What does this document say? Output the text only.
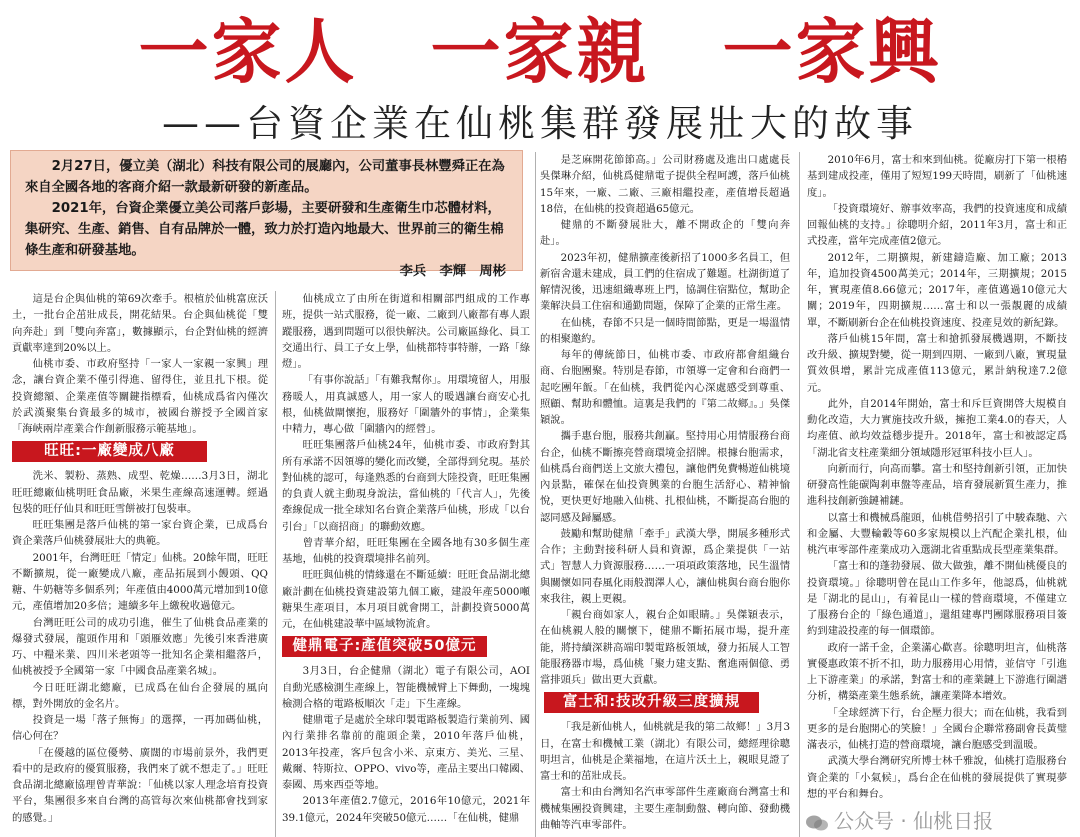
一家人　一家親　一家興
——台資企業在仙桃集群發展壯大的故事

2月27日，優立美（湖北）科技有限公司的展廳內，公司董事長林豐舜正在為來自全國各地的客商介紹一款最新研發的新產品。

2021年，台資企業優立美公司落戶彭場，主要研發和生產衛生巾芯體材料，集研究、生產、銷售、自有品牌於一體，致力於打造內地最大、世界前三的衛生棉條生產和研發基地。

李兵　李輝　周彬

這是台企與仙桃的第69次牽手。根植於仙桃富庶沃土，一批台企茁壯成長，開花結果。台企與仙桃從「雙向奔赴」到「雙向奔富」，數據顯示，台企對仙桃的經濟貢獻率達到20%以上。

仙桃市委、市政府堅持「一家人一家親一家興」理念，讓台資企業不僅引得進、留得住，並且扎下根。從投資總額、企業產值等關鍵指標看，仙桃成爲省內僅次於武漢聚集台資最多的城市，被國台辦授予全國首家「海峽兩岸產業合作創新服務示範基地」。

旺旺:一廠變成八廠

洗米、製粉、蒸熟、成型、乾燥……3月3日，湖北旺旺總廠仙桃明旺食品廠，米果生產線高速運轉。經過包裝的旺仔仙貝和旺旺雪餅被打包裝車。

旺旺集團是落戶仙桃的第一家台資企業，已成爲台資企業落戶仙桃發展壯大的典範。

2001年，台灣旺旺「情定」仙桃。20餘年間，旺旺不斷擴規，從一廠變成八廠，產品拓展到小饅頭、QQ糖、牛奶糖等多個系列；年產值由4000萬元增加到10億元，產值增加20多倍；連續多年上繳稅收過億元。

台灣旺旺公司的成功引進，催生了仙桃食品產業的爆發式發展，龍頭作用和「頭雁效應」先後引來香港廣巧、中糧米業、四川米老頭等一批知名企業相繼落戶，仙桃被授予全國第一家「中國食品產業名城」。

今日旺旺湖北總廠，已成爲在仙台企發展的風向標，對外開放的金名片。

投資是一場「落子無悔」的選擇，一再加碼仙桃，信心何在？

「在優越的區位優勢、廣闊的市場前景外，我們更看中的是政府的優質服務，我們來了就不想走了。」旺旺食品湖北總廠協理曾青華說：「仙桃以家人理念培育投資平台，集團很多來自台灣的高管每次來仙桃都會找到家的感覺。」

仙桃成立了由所在街道和相關部門組成的工作專班，提供一站式服務，從一廠、二廠到八廠都有專人跟蹤服務，遇到問題可以很快解決。公司廠區綠化、員工交通出行、員工子女上學，仙桃都特事特辦，一路「綠燈」。

「有事你說話」「有難我幫你」。用環境留人，用服務暖人，用真誠感人，用一家人的暖遇讓台商安心扎根，仙桃做閘懷抱，服務好「圍牆外的事情」，企業集中精力，專心做「圍牆內的經營」。

旺旺集團落戶仙桃24年，仙桃市委、市政府對其所有承諾不因領導的變化而改變，全部得到兌現。基於對仙桃的認可，每逢熟悉的台商到大陸投資，旺旺集團的負責人就主動現身說法，當仙桃的「代言人」，先後牽線促成一批全球知名台資企業落戶仙桃，形成「以台引台」「以商招商」的聯動效應。

曾青華介紹，旺旺集團在全國各地有30多個生產基地，仙桃的投資環境排名前列。

旺旺與仙桃的情緣還在不斷延續：旺旺食品湖北總廠計劃在仙桃投資建設第九個工廠，建設年產5000噸糖果生產項目，本月項目就會開工，計劃投資5000萬元，在仙桃建設華中區域物流倉。

健鼎電子:產值突破50億元

3月3日，台企健鼎（湖北）電子有限公司，AOI自動光感檢測生產線上，智能機械臂上下舞動，一塊塊檢測合格的電路板順次「走」下生產線。

健鼎電子是處於全球印製電路板製造行業前列、國內行業排名靠前的龍頭企業，2010年落戶仙桃，2013年投產，客戶包含小米、京東方、美光、三星、戴爾、特斯拉、OPPO、vivo等，產品主要出口韓國、泰國、馬來西亞等地。

2013年產值2.7億元，2016年10億元，2021年39.1億元，2024年突破50億元……「在仙桃，健鼎

是芝麻開花節節高。」公司財務處及進出口處處長吳傑琳介紹，仙桃爲健鼎電子提供全程呵護，落戶仙桃15年來，一廠、二廠、三廠相繼投產，產值增長超過18倍，在仙桃的投資超過65億元。

健鼎的不斷發展壯大，離不開政企的「雙向奔赴」。

2023年初，健鼎擴產後新招了1000多名員工，但新宿舍還未建成，員工們的住宿成了難題。杜湖街道了解情況後，迅速組織專班上門，協調住宿點位，幫助企業解決員工住宿和通勤問題，保障了企業的正常生產。

在仙桃，春節不只是一個時間節點，更是一場溫情的相聚邀約。

每年的傳統節日，仙桃市委、市政府都會組織台商、台胞團聚。特別是春節，市領導一定會和台商們一起吃團年飯。「在仙桃，我們從內心深處感受到尊重、照顧、幫助和體恤。這裏是我們的『第二故鄉』。」吳傑穎說。

攜手惠台胞，服務共創贏。堅持用心用情服務台商台企，仙桃不斷擦亮營商環境金招牌。根據台胞需求，仙桃爲台商們送上文旅大禮包，讓他們免費暢遊仙桃境內景點，確保在仙投資興業的台胞生活舒心、精神愉悅，更快更好地融入仙桃、扎根仙桃，不斷提高台胞的認同感及歸屬感。

鼓勵和幫助健鼎「牽手」武漢大學，開展多種形式合作；主動對接科研人員和資源，爲企業提供「一站式」智慧人力資源服務……一項項政策落地，民生溫情與關懷如同春風化雨般潤澤人心，讓仙桃與台商台胞你來我往，親上更親。

「親台商如家人，親台企如眼睛。」吳傑穎表示，在仙桃親人般的關懷下，健鼎不斷拓展市場，提升產能，將持續深耕高端印製電路板領域，發力拓展人工智能服務器市場，爲仙桃「聚力建支點、奮進兩個億、勇當排頭兵」做出更大貢獻。

富士和:技改升級三度擴規

「我是新仙桃人，仙桃就是我的第二故鄉！」3月3日，在富士和機械工業（湖北）有限公司，總經理徐聰明坦言，仙桃是企業福地，在這片沃土上，親眼見證了富士和的茁壯成長。

富士和由台灣知名汽車零部件生產廠商台灣富士和機械集團投資興建，主要生產制動盤、轉向節、發動機曲軸等汽車零部件。

2010年6月，富士和來到仙桃。從廠房打下第一根樁基到建成投產，僅用了短短199天時間，刷新了「仙桃速度」。

「投資環境好、辦事效率高，我們的投資速度和成績回報仙桃的支持。」徐聰明介紹，2011年3月，富士和正式投產，當年完成產值2億元。

2012年，二期擴規，新建鑄造廠、加工廠；2013年，追加投資4500萬美元；2014年，三期擴規；2015年，實現產值8.66億元；2017年，產值邁過10億元大關；2019年，四期擴規……富士和以一張靚麗的成績單，不斷刷新台企在仙桃投資速度、投產見效的新紀錄。

落戶仙桃15年間，富士和搶抓發展機遇期，不斷技改升級、擴規對變，從一期到四期、一廠到八廠，實現量質效俱增，累計完成產值113億元，累計納稅達7.2億元。

此外，自2014年開始，富士和斥巨資開啓大規模自動化改造，大力實施技改升級，擁抱工業4.0的春天，人均產值、畝均效益穩步提升。2018年，富士和被認定爲「湖北省支柱產業細分領域隱形冠軍科技小巨人」。

向新而行，向高而攀。富士和堅持創新引領，正加快研發高性能碳陶剎車盤等產品，培育發展新質生產力，推進科技創新強鏈補鏈。

以富士和機械爲龍頭，仙桃借勢招引了中駿森馳、六和金屬、大豐輪轂等60多家規模以上汽配企業扎根，仙桃汽車零部件產業成功入選湖北省重點成長型產業集群。

「富士和的蓬勃發展、做大做強，離不開仙桃優良的投資環境。」徐聰明曾在昆山工作多年，他認爲，仙桃就是「湖北的昆山」，有着昆山一樣的營商環境，不僅建立了服務台企的「綠色通道」，還組建專門團隊服務項目簽約到建設投產的每一個環節。

政府一諾千金，企業滿心歡喜。徐聰明坦言，仙桃落實優惠政策不折不扣，助力服務用心用情，並信守「引進上下游產業」的承諾，對富士和的產業鏈上下游進行圍譜分析，構築產業生態系統，讓產業降本增效。

「全球經濟下行，台企壓力很大；而在仙桃，我看到更多的是台胞開心的笑臉！」全國台企聯常務副會長黃璧滿表示，仙桃打造的營商環境，讓台胞感受到溫暖。

武漢大學台灣研究所博士林千雅說，仙桃打造服務台資企業的「小氣候」，爲台企在仙桃的發展提供了實現夢想的平台和舞台。

公众号 · 仙桃日报
